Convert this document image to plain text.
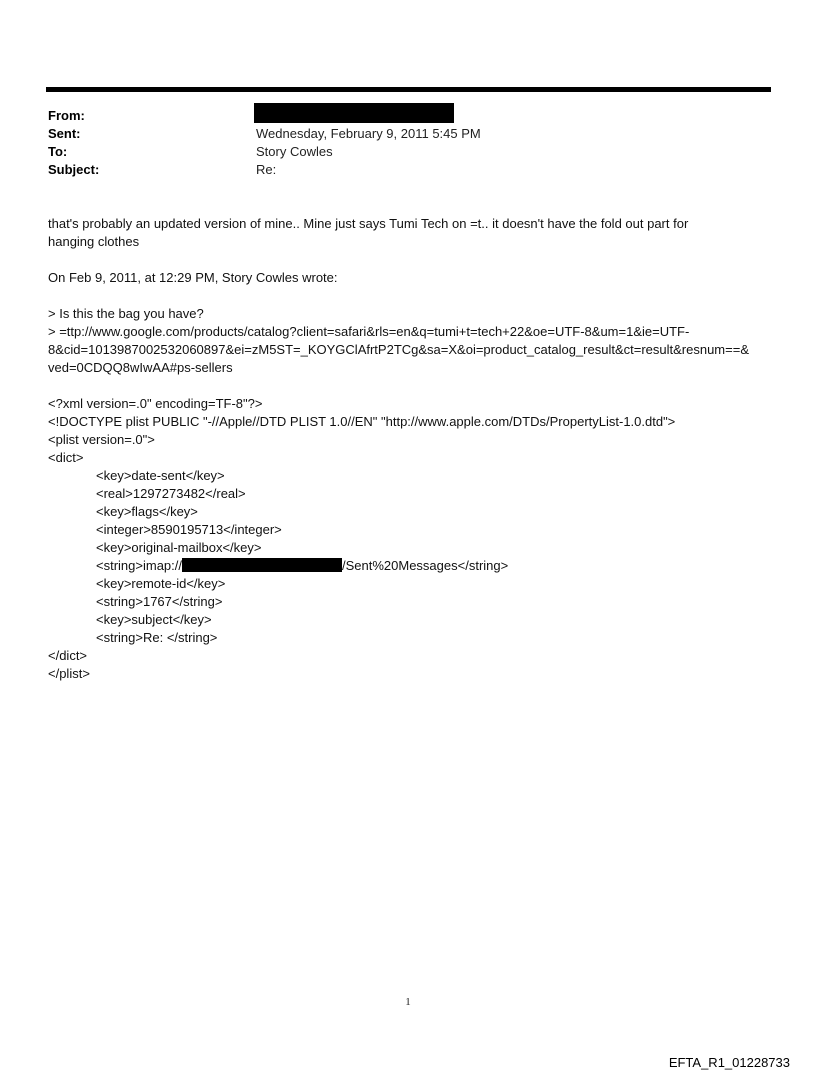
From:
Sent:	Wednesday, February 9, 2011 5:45 PM
To:	Story Cowles
Subject:	Re:

that's probably an updated version of mine.. Mine just says Tumi Tech on =t.. it doesn't have the fold out part for

hanging clothes

On Feb 9, 2011, at 12:29 PM, Story Cowles wrote:

> Is this the bag you have?

> =ttp://www.google.com/products/catalog?client=safari&rls=en&q=tumi+t=tech+22&oe=UTF-8&um=1&ie=UTF-

8&cid=1013987002532060897&ei=zM5ST=_KOYGClAfrtP2TCg&sa=X&oi=product_catalog_result&ct=result&resnum==&

ved=0CDQQ8wIwAA#ps-sellers

<?xml version=.0" encoding=TF-8"?>

<!DOCTYPE plist PUBLIC "-//Apple//DTD PLIST 1.0//EN" "http://www.apple.com/DTDs/PropertyList-1.0.dtd">

<plist version=.0">

<dict>

<key>date-sent</key>

<real>1297273482</real>

<key>flags</key>

<integer>8590195713</integer>

<key>original-mailbox</key>

<string>imap://	/Sent%20Messages</string>

<key>remote-id</key>

<string>1767</string>

<key>subject</key>

<string>Re: </string>

</dict>

</plist>

1
EFTA_R1_01228733
